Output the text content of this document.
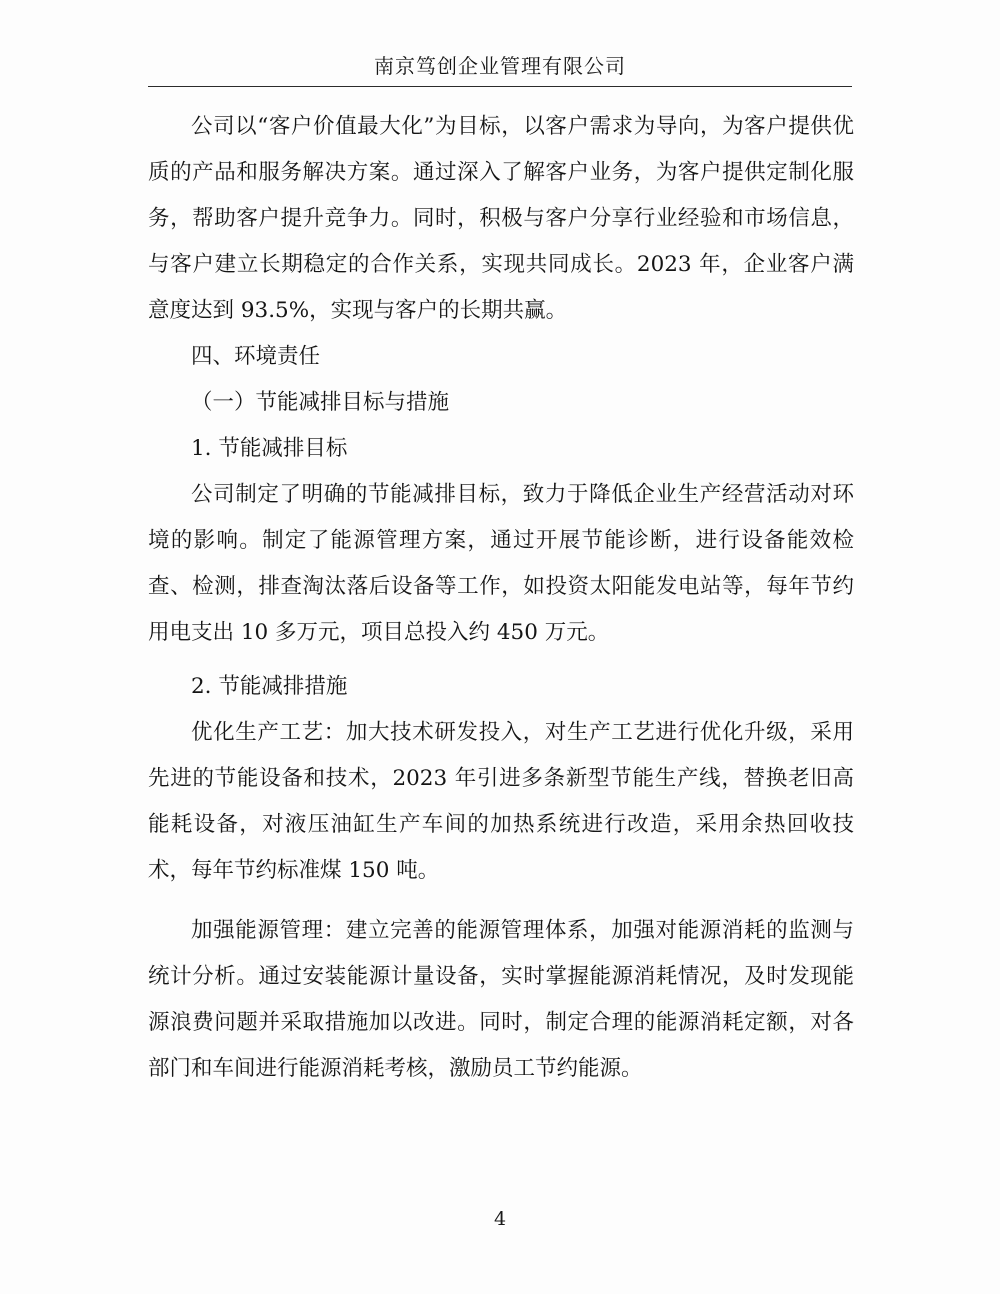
南京笃创企业管理有限公司

公司以“客户价值最大化”为目标，以客户需求为导向，为客户提供优质的产品和服务解决方案。通过深入了解客户业务，为客户提供定制化服务，帮助客户提升竞争力。同时，积极与客户分享行业经验和市场信息，与客户建立长期稳定的合作关系，实现共同成长。2023 年，企业客户满意度达到 93.5%，实现与客户的长期共赢。

四、环境责任

（一）节能减排目标与措施

1. 节能减排目标

公司制定了明确的节能减排目标，致力于降低企业生产经营活动对环境的影响。制定了能源管理方案，通过开展节能诊断，进行设备能效检查、检测，排查淘汰落后设备等工作，如投资太阳能发电站等，每年节约用电支出 10 多万元，项目总投入约 450 万元。

2. 节能减排措施

优化生产工艺：加大技术研发投入，对生产工艺进行优化升级，采用先进的节能设备和技术，2023 年引进多条新型节能生产线，替换老旧高能耗设备，对液压油缸生产车间的加热系统进行改造，采用余热回收技术，每年节约标准煤 150 吨。

加强能源管理：建立完善的能源管理体系，加强对能源消耗的监测与统计分析。通过安装能源计量设备，实时掌握能源消耗情况，及时发现能源浪费问题并采取措施加以改进。同时，制定合理的能源消耗定额，对各部门和车间进行能源消耗考核，激励员工节约能源。

4
